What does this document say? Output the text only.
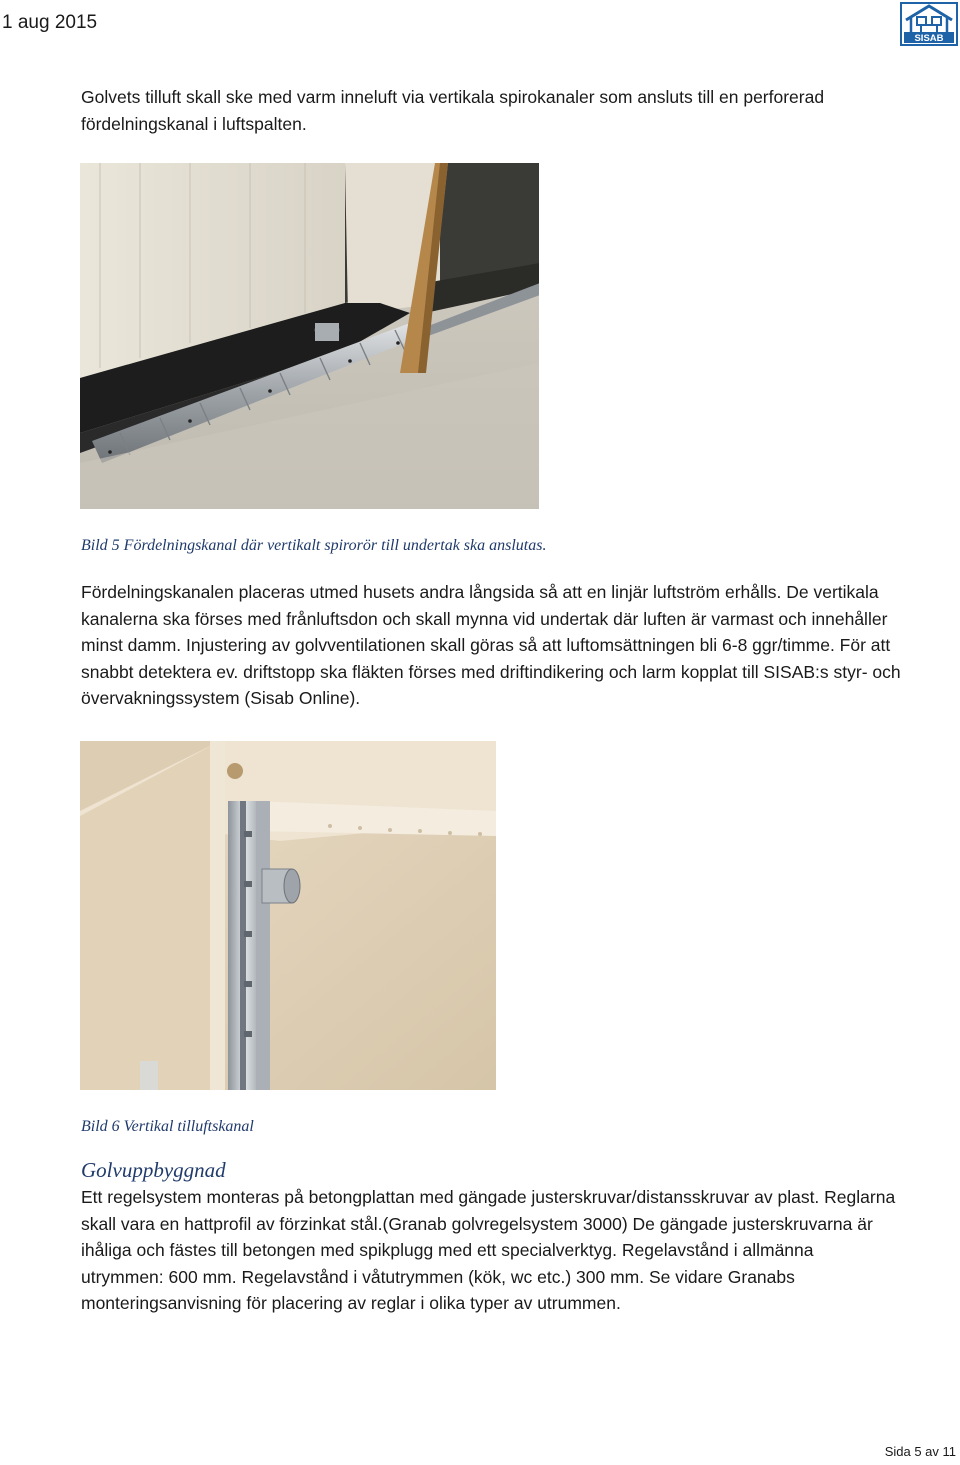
1 aug 2015
SISAB
Golvets tilluft skall ske med varm inneluft via vertikala spirokanaler som ansluts till en perforerad fördelningskanal i luftspalten.
Bild 5 Fördelningskanal där vertikalt spirorör till undertak ska anslutas.
Fördelningskanalen placeras utmed husets andra långsida så att en linjär luftström erhålls. De vertikala kanalerna ska förses med frånluftsdon och skall mynna vid undertak där luften är varmast och innehåller minst damm. Injustering av golvventilationen skall göras så att luftomsättningen bli 6-8 ggr/timme. För att snabbt detektera ev. driftstopp ska fläkten förses med driftindikering och larm kopplat till SISAB:s styr- och övervakningssystem (Sisab Online).
Bild 6 Vertikal tilluftskanal
Golvuppbyggnad
Ett regelsystem monteras på betongplattan med gängade justerskruvar/distansskruvar av plast. Reglarna skall vara en hattprofil av förzinkat stål.(Granab golvregelsystem 3000) De gängade justerskruvarna är ihåliga och fästes till betongen med spikplugg med ett specialverktyg. Regelavstånd i allmänna utrymmen: 600 mm. Regelavstånd i våtutrymmen (kök, wc etc.) 300 mm. Se vidare Granabs monteringsanvisning för placering av reglar i olika typer av utrummen.
Sida 5 av 11
